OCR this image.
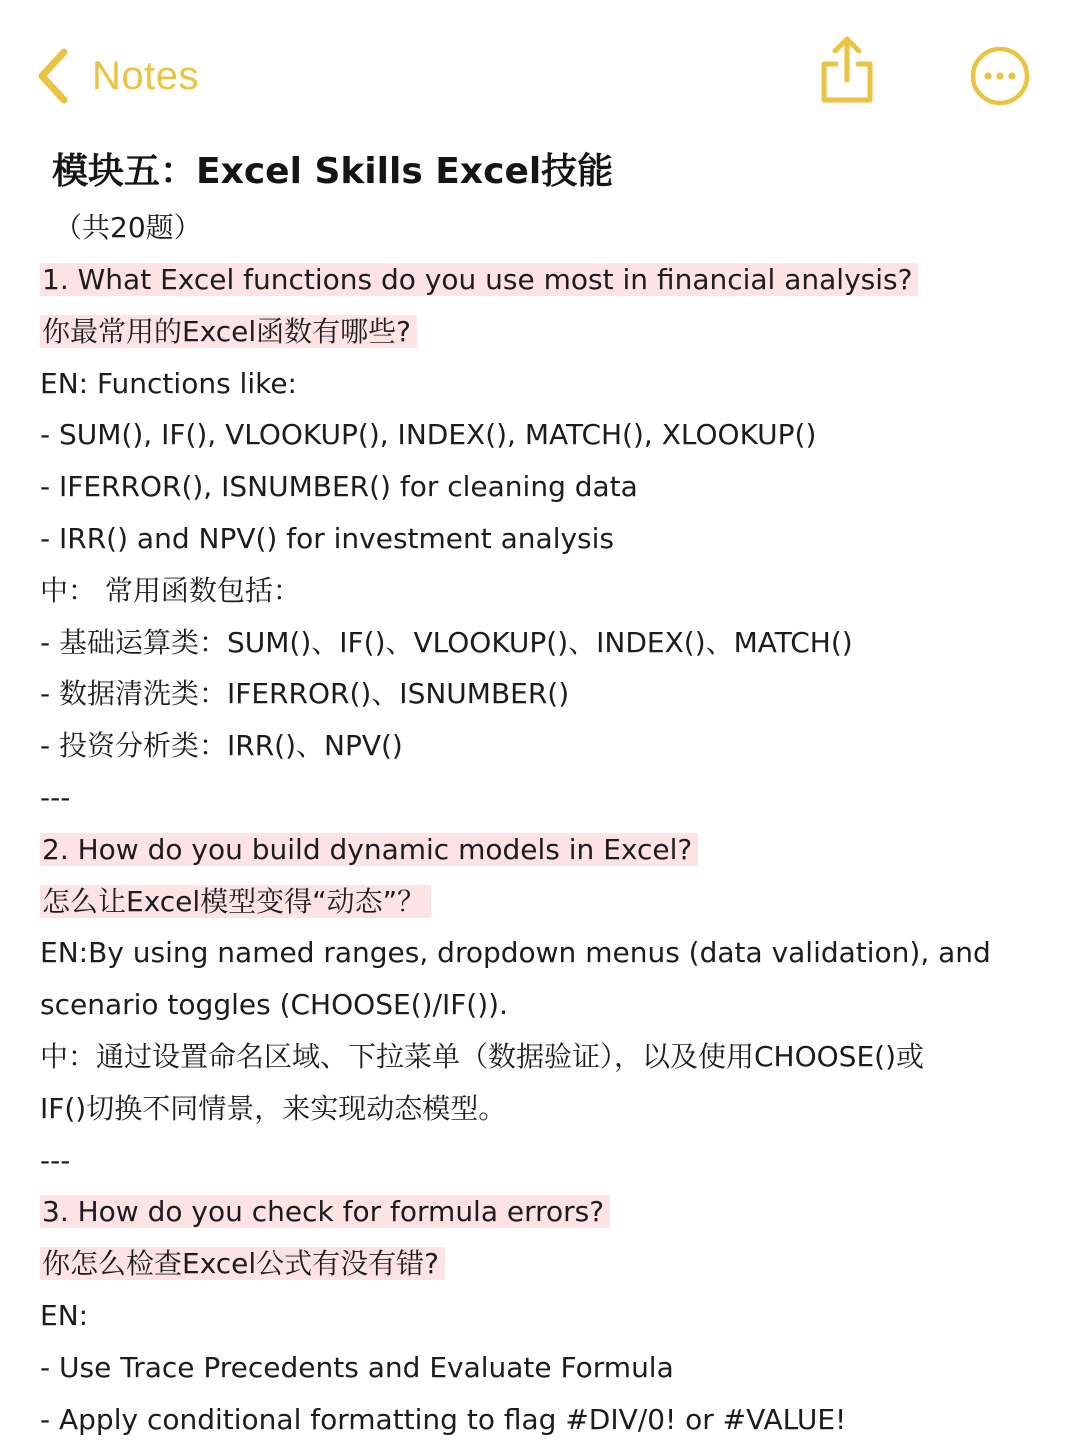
Notes
模块五：Excel Skills Excel技能
（共20题）
1. What Excel functions do you use most in financial analysis?
你最常用的Excel函数有哪些?
EN: Functions like:
- SUM(), IF(), VLOOKUP(), INDEX(), MATCH(), XLOOKUP()
- IFERROR(), ISNUMBER() for cleaning data
- IRR() and NPV() for investment analysis
中： 常用函数包括：
- 基础运算类：SUM()、IF()、VLOOKUP()、INDEX()、MATCH()
- 数据清洗类：IFERROR()、ISNUMBER()
- 投资分析类：IRR()、NPV()
---
2. How do you build dynamic models in Excel?
怎么让Excel模型变得“动态”？
EN:By using named ranges, dropdown menus (data validation), and
scenario toggles (CHOOSE()/IF()).
中：通过设置命名区域、下拉菜单（数据验证），以及使用CHOOSE()或
IF()切换不同情景，来实现动态模型。
---
3. How do you check for formula errors?
你怎么检查Excel公式有没有错?
EN:
- Use Trace Precedents and Evaluate Formula
- Apply conditional formatting to flag #DIV/0! or #VALUE!
